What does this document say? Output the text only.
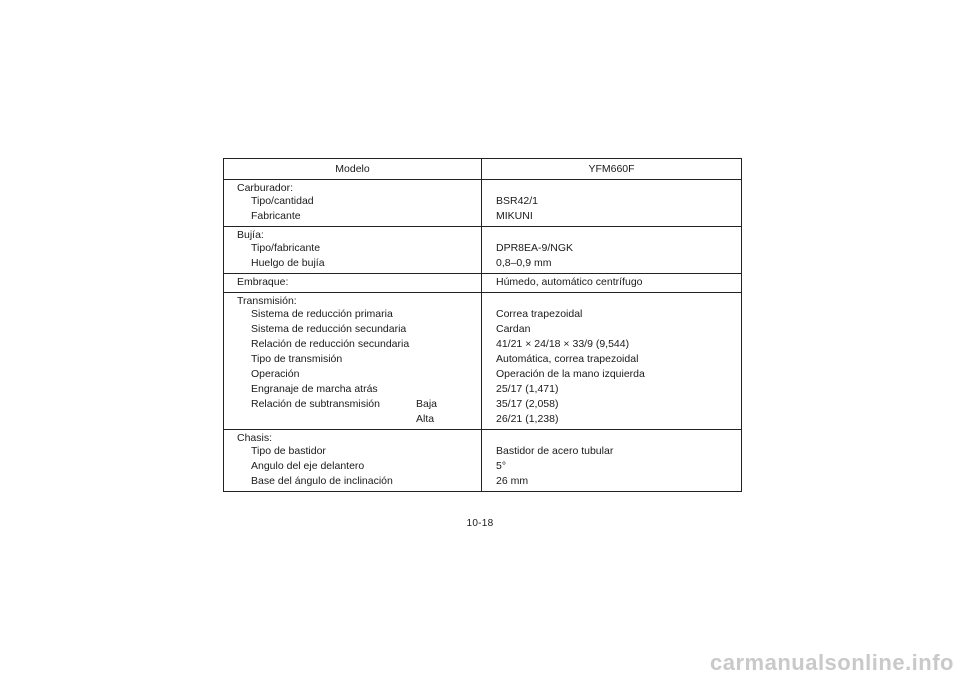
Modelo	YFM660F
Carburador:
Tipo/cantidad	BSR42/1
Fabricante	MIKUNI
Bujía:
Tipo/fabricante	DPR8EA-9/NGK
Huelgo de bujía	0,8–0,9 mm
Embraque:	Húmedo, automático centrífugo
Transmisión:
Sistema de reducción primaria	Correa trapezoidal
Sistema de reducción secundaria	Cardan
Relación de reducción secundaria	41/21 × 24/18 × 33/9 (9,544)
Tipo de transmisión	Automática, correa trapezoidal
Operación	Operación de la mano izquierda
Engranaje de marcha atrás	25/17 (1,471)
Relación de subtransmisión	Baja	35/17 (2,058)
Alta	26/21 (1,238)
Chasis:
Tipo de bastidor	Bastidor de acero tubular
Angulo del eje delantero	5°
Base del ángulo de inclinación	26 mm
10-18
carmanualsonline.info
